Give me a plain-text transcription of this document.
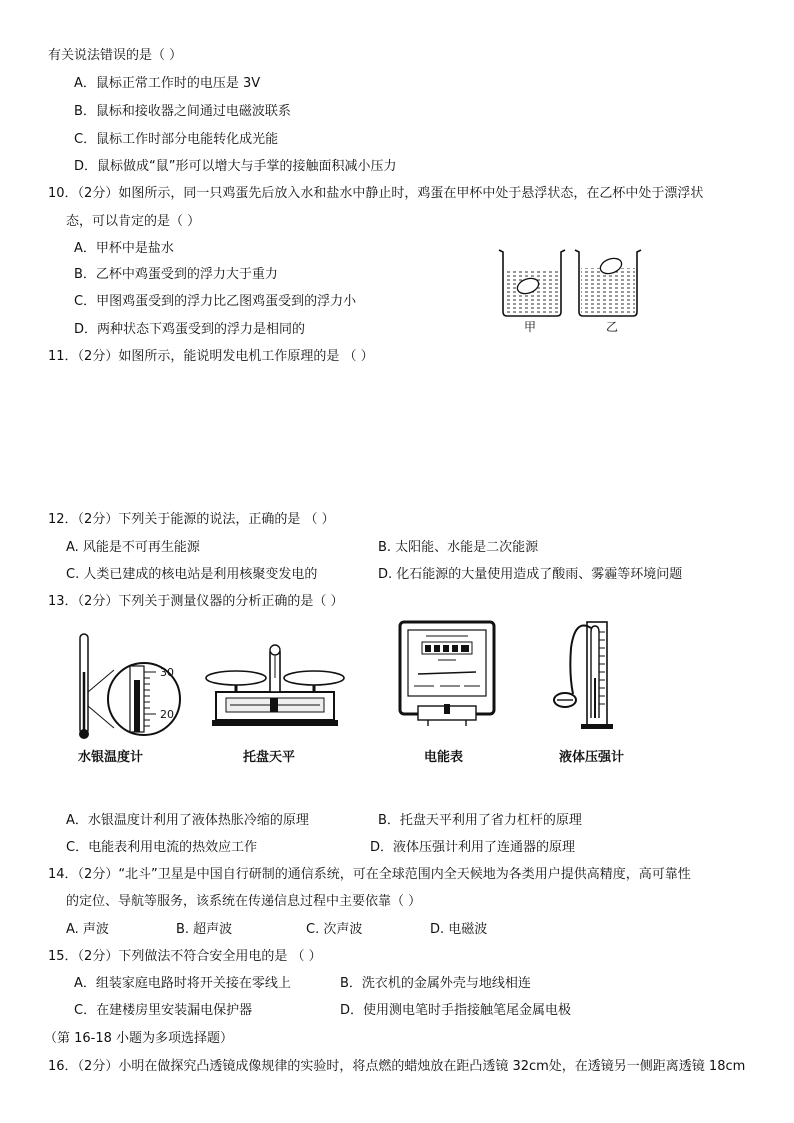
有关说法错误的是（ ）
A．鼠标正常工作时的电压是 3V
B．鼠标和接收器之间通过电磁波联系
C．鼠标工作时部分电能转化成光能
D．鼠标做成“鼠”形可以增大与手掌的接触面积减小压力
10．（2分）如图所示，同一只鸡蛋先后放入水和盐水中静止时，鸡蛋在甲杯中处于悬浮状态，在乙杯中处于漂浮状
态，可以肯定的是（ ）
A．甲杯中是盐水
B．乙杯中鸡蛋受到的浮力大于重力
C．甲图鸡蛋受到的浮力比乙图鸡蛋受到的浮力小
D．两种状态下鸡蛋受到的浮力是相同的	甲	乙
11．（2分）如图所示，能说明发电机工作原理的是 （ ）
12．（2分）下列关于能源的说法，正确的是 （ ）
A. 风能是不可再生能源	B. 太阳能、水能是二次能源
C. 人类已建成的核电站是利用核聚变发电的	D. 化石能源的大量使用造成了酸雨、雾霾等环境问题
13．（2分）下列关于测量仪器的分析正确的是（ ）
30
20
水银温度计	托盘天平	电能表	液体压强计
A．水银温度计利用了液体热胀冷缩的原理	B．托盘天平利用了省力杠杆的原理
C．电能表利用电流的热效应工作	D．液体压强计利用了连通器的原理
14．（2分）“北斗”卫星是中国自行研制的通信系统，可在全球范围内全天候地为各类用户提供高精度，高可靠性
的定位、导航等服务，该系统在传递信息过程中主要依靠（ ）
A. 声波	B. 超声波	C. 次声波	D. 电磁波
15．（2分）下列做法不符合安全用电的是 （ ）
A．组装家庭电路时将开关接在零线上	B．洗衣机的金属外壳与地线相连
C．在建楼房里安装漏电保护器	D．使用测电笔时手指接触笔尾金属电极
（第 16-18 小题为多项选择题）
16．（2分）小明在做探究凸透镜成像规律的实验时，将点燃的蜡烛放在距凸透镜 32cm处，在透镜另一侧距离透镜 18cm
